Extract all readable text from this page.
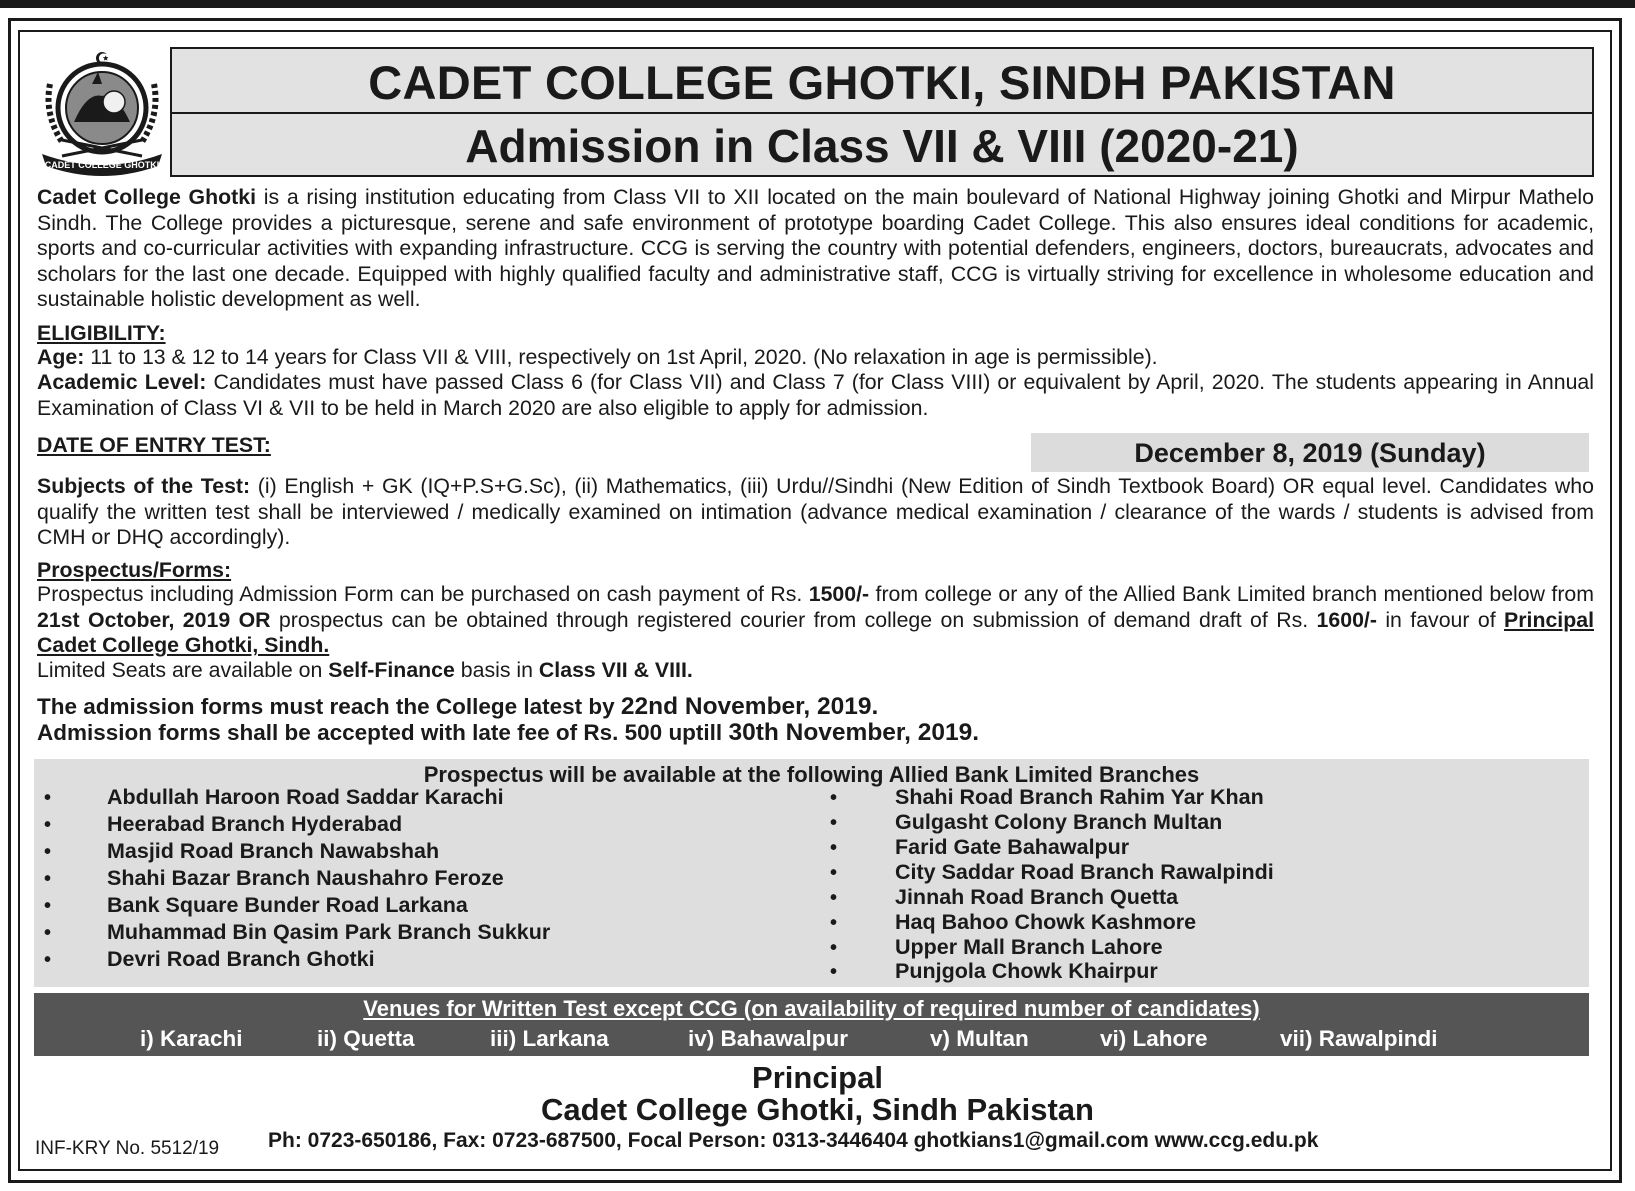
CADET COLLEGE GHOTKI
☪	CADET COLLEGE GHOTKI, SINDH PAKISTAN
Admission in Class VII & VIII (2020-21)

Cadet College Ghotki is a rising institution educating from Class VII to XII located on the main boulevard of National Highway joining Ghotki and Mirpur Mathelo Sindh. The College provides a picturesque, serene and safe environment of prototype boarding Cadet College. This also ensures ideal conditions for academic, sports and co-curricular activities with expanding infrastructure. CCG is serving the country with potential defenders, engineers, doctors, bureaucrats, advocates and scholars for the last one decade. Equipped with highly qualified faculty and administrative staff, CCG is virtually striving for excellence in wholesome education and sustainable holistic development as well.

ELIGIBILITY:

Age: 11 to 13 & 12 to 14 years for Class VII & VIII, respectively on 1st April, 2020. (No relaxation in age is permissible).

Academic Level: Candidates must have passed Class 6 (for Class VII) and Class 7 (for Class VIII) or equivalent by April, 2020. The students appearing in Annual Examination of Class VI & VII to be held in March 2020 are also eligible to apply for admission.

DATE OF ENTRY TEST:	December 8, 2019 (Sunday)

Subjects of the Test: (i) English + GK (IQ+P.S+G.Sc), (ii) Mathematics, (iii) Urdu//Sindhi (New Edition of Sindh Textbook Board) OR equal level. Candidates who qualify the written test shall be interviewed / medically examined on intimation (advance medical examination / clearance of the wards / students is advised from CMH or DHQ accordingly).

Prospectus/Forms:

Prospectus including Admission Form can be purchased on cash payment of Rs. 1500/- from college or any of the Allied Bank Limited branch mentioned below from 21st October, 2019 OR prospectus can be obtained through registered courier from college on submission of demand draft of Rs. 1600/- in favour of Principal Cadet College Ghotki, Sindh.

Limited Seats are available on Self-Finance basis in Class VII & VIII.

The admission forms must reach the College latest by 22nd November, 2019.
Admission forms shall be accepted with late fee of Rs. 500 uptill 30th November, 2019.
Prospectus will be available at the following Allied Bank Limited Branches
•	Abdullah Haroon Road Saddar Karachi
•	Heerabad Branch Hyderabad
•	Masjid Road Branch Nawabshah
•	Shahi Bazar Branch Naushahro Feroze
•	Bank Square Bunder Road Larkana
•	Muhammad Bin Qasim Park Branch Sukkur
•	Devri Road Branch Ghotki
•	Shahi Road Branch Rahim Yar Khan
•	Gulgasht Colony Branch Multan
•	Farid Gate Bahawalpur
•	City Saddar Road Branch Rawalpindi
•	Jinnah Road Branch Quetta
•	Haq Bahoo Chowk Kashmore
•	Upper Mall Branch Lahore
•	Punjgola Chowk Khairpur
Venues for Written Test except CCG (on availability of required number of candidates)
i) Karachi	ii) Quetta	iii) Larkana	iv) Bahawalpur	v) Multan	vi) Lahore	vii) Rawalpindi
Principal
Cadet College Ghotki, Sindh Pakistan
INF-KRY No. 5512/19 Ph: 0723-650186, Fax: 0723-687500, Focal Person: 0313-3446404 ghotkians1@gmail.com www.ccg.edu.pk
